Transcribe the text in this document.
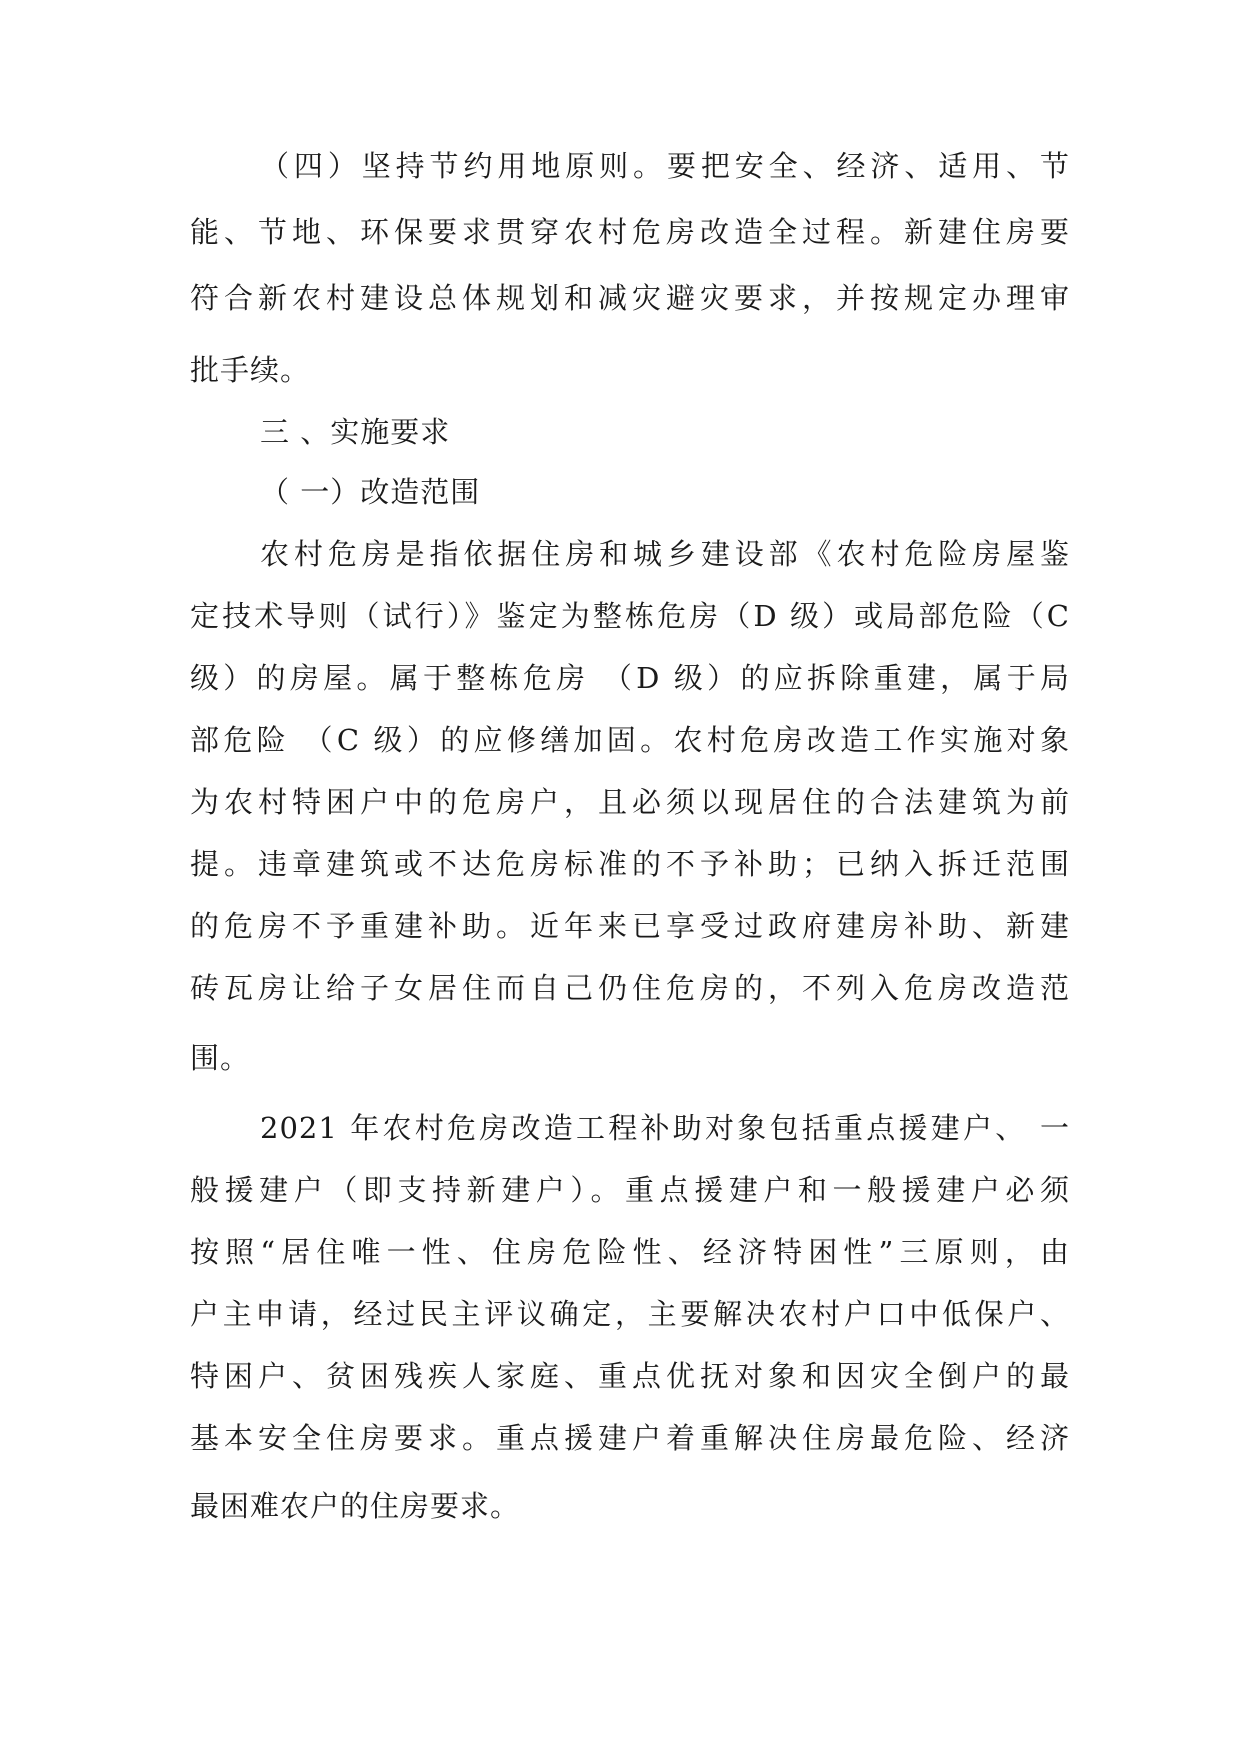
（四）坚持节约用地原则。要把安全、经济、适用、节
能、节地、环保要求贯穿农村危房改造全过程。新建住房要
符合新农村建设总体规划和减灾避灾要求，并按规定办理审
批手续。
三 、实施要求
（ 一）改造范围
农村危房是指依据住房和城乡建设部《农村危险房屋鉴
定技术导则（试行）》鉴定为整栋危房（D 级）或局部危险（C
级）的房屋。属于整栋危房 （D 级）的应拆除重建，属于局
部危险 （C 级）的应修缮加固。农村危房改造工作实施对象
为农村特困户中的危房户，且必须以现居住的合法建筑为前
提。违章建筑或不达危房标准的不予补助；已纳入拆迁范围
的危房不予重建补助。近年来已享受过政府建房补助、新建
砖瓦房让给子女居住而自己仍住危房的，不列入危房改造范
围。
2021 年农村危房改造工程补助对象包括重点援建户、 一
般援建户（即支持新建户）。重点援建户和一般援建户必须
按照“居住唯一性、住房危险性、经济特困性”三原则，由
户主申请，经过民主评议确定，主要解决农村户口中低保户、
特困户、贫困残疾人家庭、重点优抚对象和因灾全倒户的最
基本安全住房要求。重点援建户着重解决住房最危险、经济
最困难农户的住房要求。
